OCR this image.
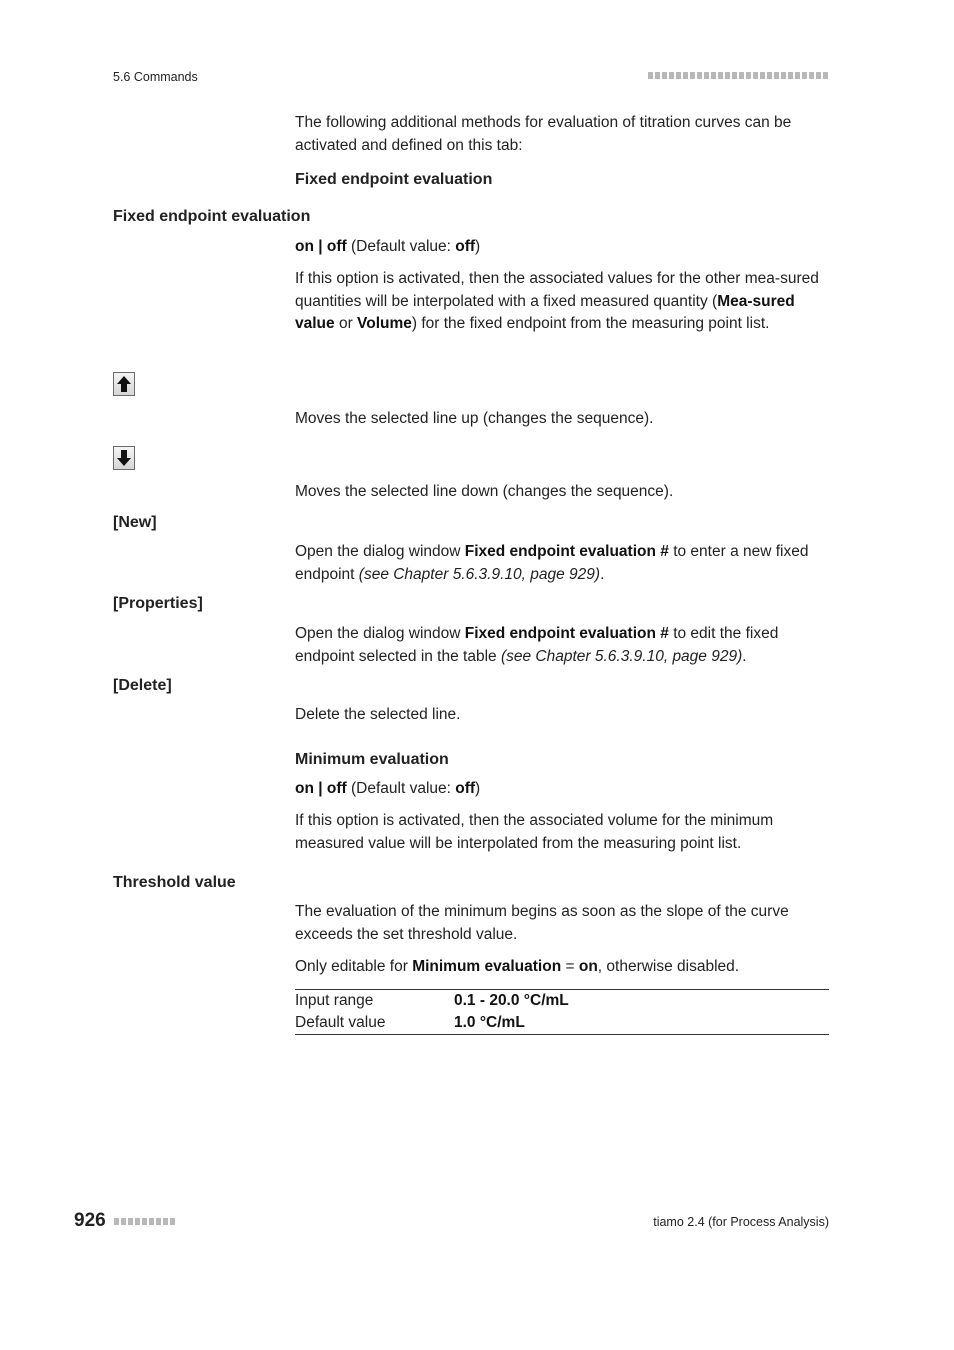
5.6 Commands
The following additional methods for evaluation of titration curves can be activated and defined on this tab:
Fixed endpoint evaluation
Fixed endpoint evaluation
on | off (Default value: off)
If this option is activated, then the associated values for the other mea-sured quantities will be interpolated with a fixed measured quantity (Mea-sured value or Volume) for the fixed endpoint from the measuring point list.
Moves the selected line up (changes the sequence).
Moves the selected line down (changes the sequence).
[New]
Open the dialog window Fixed endpoint evaluation # to enter a new fixed endpoint (see Chapter 5.6.3.9.10, page 929).
[Properties]
Open the dialog window Fixed endpoint evaluation # to edit the fixed endpoint selected in the table (see Chapter 5.6.3.9.10, page 929).
[Delete]
Delete the selected line.
Minimum evaluation
on | off (Default value: off)
If this option is activated, then the associated volume for the minimum measured value will be interpolated from the measuring point list.
Threshold value
The evaluation of the minimum begins as soon as the slope of the curve exceeds the set threshold value.
Only editable for Minimum evaluation = on, otherwise disabled.
Input range	0.1 - 20.0 °C/mL
Default value	1.0 °C/mL
926	tiamo 2.4 (for Process Analysis)
